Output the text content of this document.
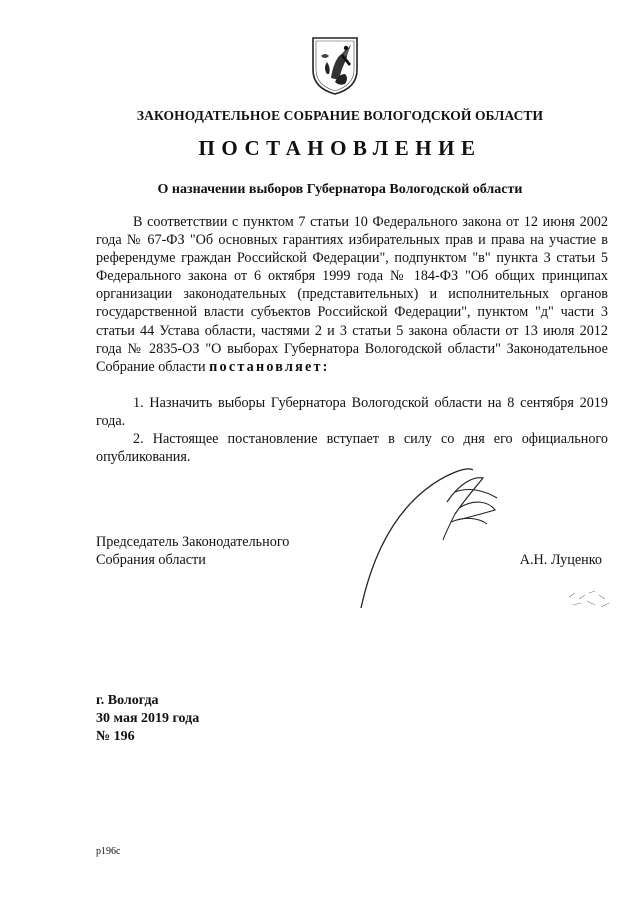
ЗАКОНОДАТЕЛЬНОЕ СОБРАНИЕ ВОЛОГОДСКОЙ ОБЛАСТИ
ПОСТАНОВЛЕНИЕ
О назначении выборов Губернатора Вологодской области

В соответствии с пунктом 7 статьи 10 Федерального закона от 12 июня 2002 года № 67-ФЗ "Об основных гарантиях избирательных прав и права на участие в референдуме граждан Российской Федерации", подпунктом "в" пункта 3 статьи 5 Федерального закона от 6 октября 1999 года № 184-ФЗ "Об общих принципах организации законодательных (представительных) и исполнительных органов государственной власти субъектов Российской Федерации", пунктом "д" части 3 статьи 44 Устава области, частями 2 и 3 статьи 5 закона области от 13 июля 2012 года № 2835-ОЗ "О выборах Губернатора Вологодской области" Законодательное Собрание области постановляет:

1. Назначить выборы Губернатора Вологодской области на 8 сентября 2019 года.

2. Настоящее постановление вступает в силу со дня его официального опубликования.

Председатель Законодательного
Собрания области	А.Н. Луценко
г. Вологда
30 мая 2019 года
№ 196
р196с
